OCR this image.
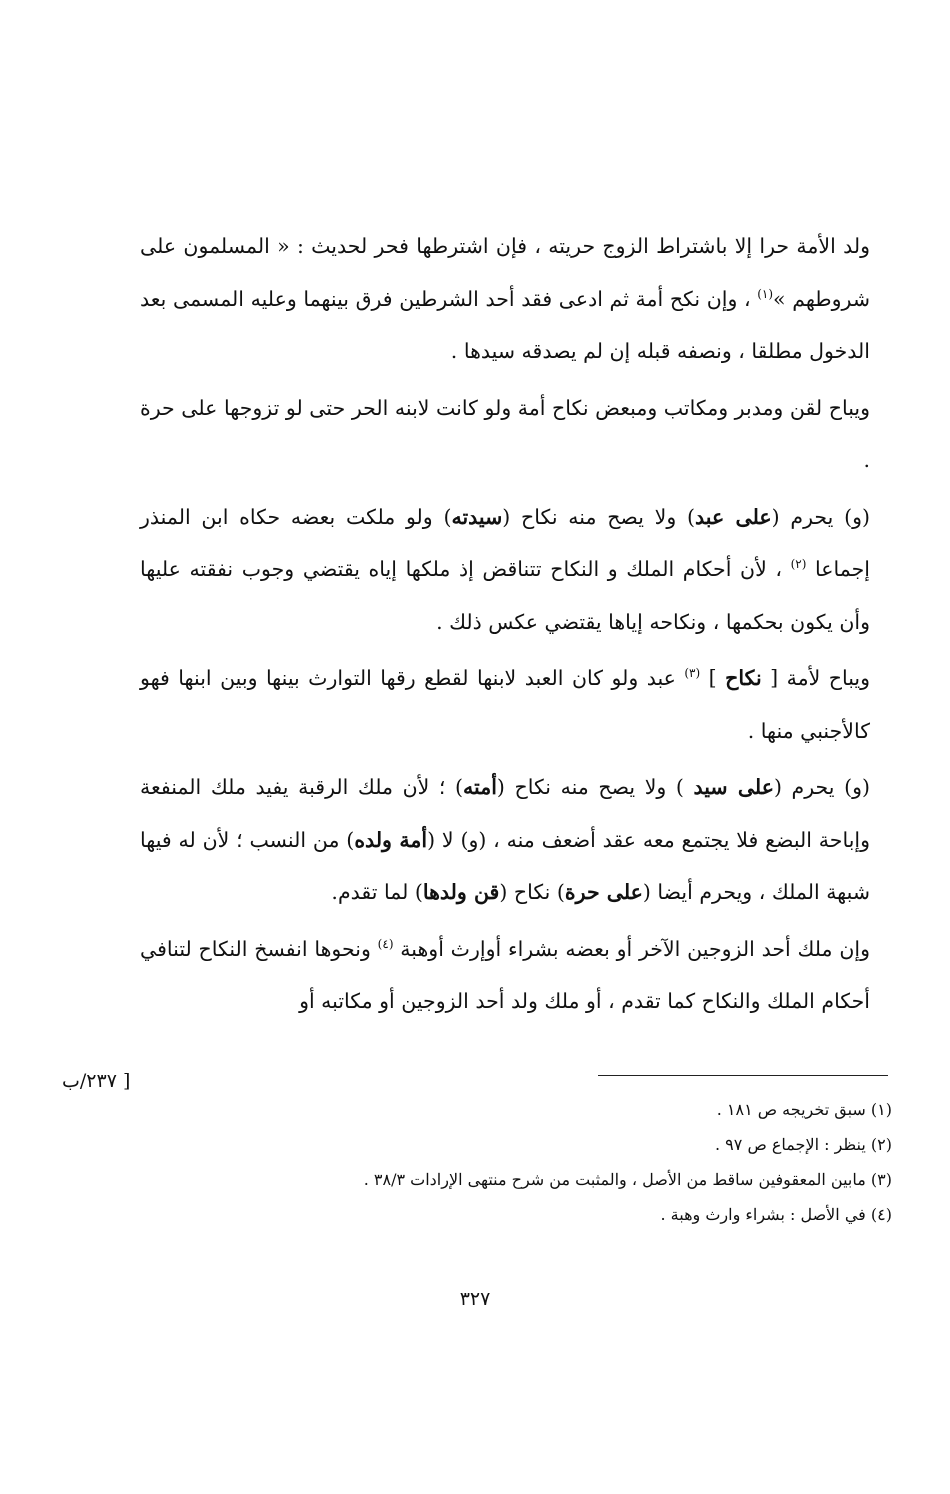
ولد الأمة حرا إلا باشتراط الزوج حريته ، فإن اشترطها فحر لحديث : « المسلمون على شروطهم »$^{(١)}$ ، وإن نكح أمة ثم ادعى فقد أحد الشرطين فرق بينهما وعليه المسمى بعد الدخول مطلقا ، ونصفه قبله إن لم يصدقه سيدها .

ويباح لقن ومدبر ومكاتب ومبعض نكاح أمة ولو كانت لابنه الحر حتى لو تزوجها على حرة .

(و) يحرم (على عبد) ولا يصح منه نكاح (سيدته) ولو ملكت بعضه حكاه ابن المنذر إجماعا $^{(٢)}$ ، لأن أحكام الملك و النكاح تتناقض إذ ملكها إياه يقتضي وجوب نفقته عليها وأن يكون بحكمها ، ونكاحه إياها يقتضي عكس ذلك .

ويباح لأمة [ نكاح ] $^{(٣)}$ عبد ولو كان العبد لابنها لقطع رقها التوارث بينها وبين ابنها فهو كالأجنبي منها .

(و) يحرم (على سيد ) ولا يصح منه نكاح (أمته) ؛ لأن ملك الرقبة يفيد ملك المنفعة وإباحة البضع فلا يجتمع معه عقد أضعف منه ، (و) لا (أمة ولده) من النسب ؛ لأن له فيها شبهة الملك ، ويحرم أيضا (على حرة) نكاح (قن ولدها) لما تقدم.

وإن ملك أحد الزوجين الآخر أو بعضه بشراء أوإرث أوهبة $^{(٤)}$ ونحوها انفسخ النكاح لتنافي أحكام الملك والنكاح كما تقدم ، أو ملك ولد أحد الزوجين أو مكاتبه أو

[ ٢٣٧/ب
(١) سبق تخريجه ص ١٨١ .
(٢) ينظر : الإجماع ص ٩٧ .
(٣) مابين المعقوفين ساقط من الأصل ، والمثبت من شرح منتهى الإرادات ٣٨/٣ .
(٤) في الأصل : بشراء وارث وهبة .
٣٢٧
